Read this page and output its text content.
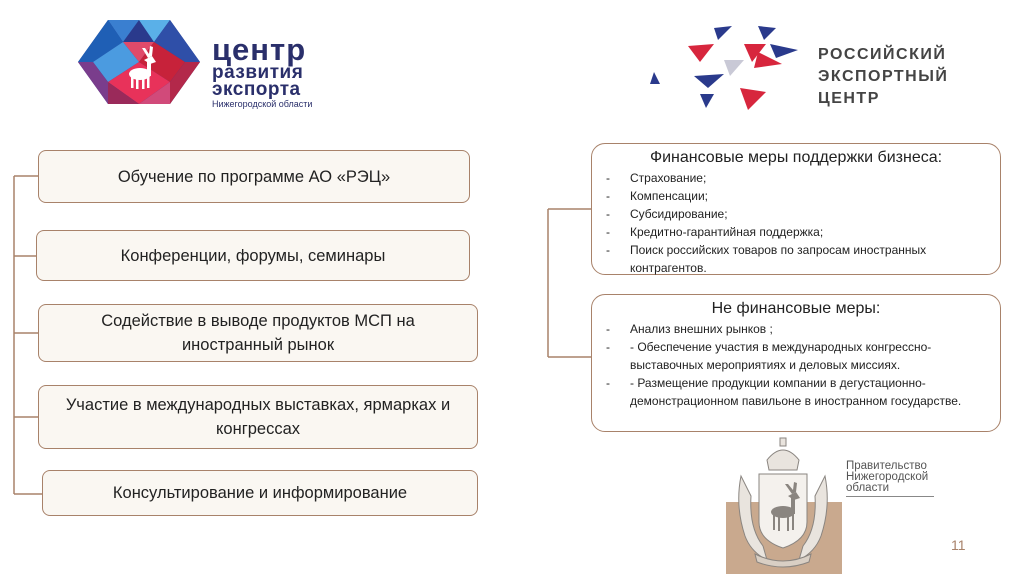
центр
развития
экспорта
Нижегородской области
РОССИЙСКИЙ
ЭКСПОРТНЫЙ
ЦЕНТР
Обучение по программе АО «РЭЦ»
Конференции, форумы, семинары
Содействие в выводе продуктов МСП на иностранный рынок
Участие в международных выставках, ярмарках и конгрессах
Консультирование и информирование
Финансовые меры поддержки бизнеса:
-	Страхование;
-	Компенсации;
-	Субсидирование;
-	Кредитно-гарантийная поддержка;
-	Поиск российских товаров по запросам иностранных контрагентов.
Не финансовые меры:
-	Анализ внешних рынков ;
-	- Обеспечение участия в международных конгрессно-выставочных мероприятиях и деловых миссиях.
-	- Размещение продукции компании в дегустационно-демонстрационном павильоне в иностранном государстве.
Правительство
Нижегородской
области
11
